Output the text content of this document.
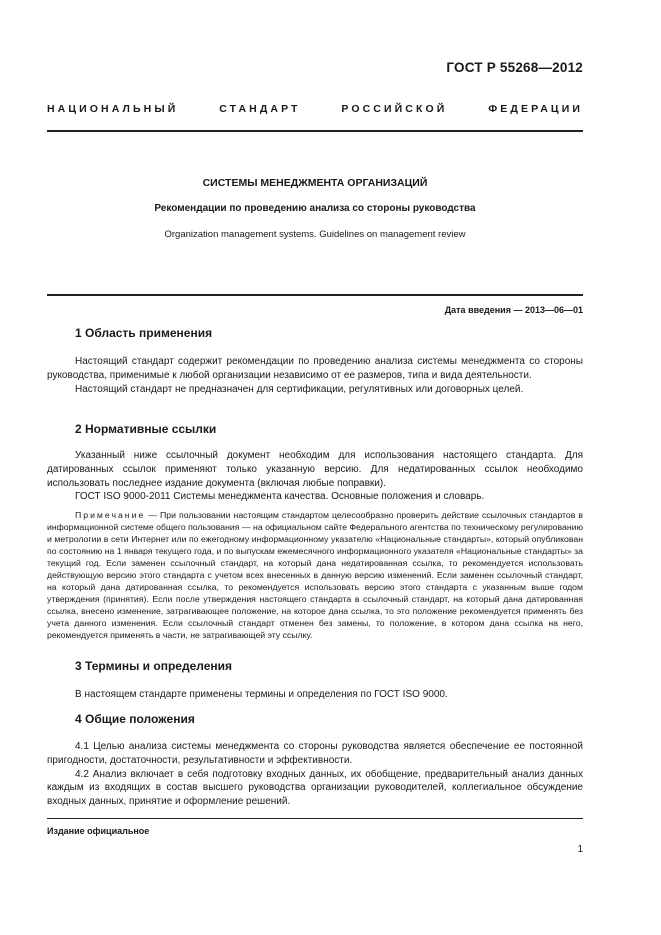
ГОСТ Р 55268—2012
НАЦИОНАЛЬНЫЙ СТАНДАРТ РОССИЙСКОЙ ФЕДЕРАЦИИ
СИСТЕМЫ МЕНЕДЖМЕНТА ОРГАНИЗАЦИЙ
Рекомендации по проведению анализа со стороны руководства
Organization management systems. Guidelines on management review
Дата введения — 2013—06—01
1 Область применения

Настоящий стандарт содержит рекомендации по проведению анализа системы менеджмента со стороны руководства, применимые к любой организации независимо от ее размеров, типа и вида деятельности.

Настоящий стандарт не предназначен для сертификации, регулятивных или договорных целей.

2 Нормативные ссылки

Указанный ниже ссылочный документ необходим для использования настоящего стандарта. Для датированных ссылок применяют только указанную версию. Для недатированных ссылок необходимо использовать последнее издание документа (включая любые поправки).

ГОСТ ISO 9000-2011 Системы менеджмента качества. Основные положения и словарь.

Примечание — При пользовании настоящим стандартом целесообразно проверить действие ссылочных стандартов в информационной системе общего пользования — на официальном сайте Федерального агентства по техническому регулированию и метрологии в сети Интернет или по ежегодному информационному указателю «Национальные стандарты», который опубликован по состоянию на 1 января текущего года, и по выпускам ежемесячного информационного указателя «Национальные стандарты» за текущий год. Если заменен ссылочный стандарт, на который дана недатированная ссылка, то рекомендуется использовать действующую версию этого стандарта с учетом всех внесенных в данную версию изменений. Если заменен ссылочный стандарт, на который дана датированная ссылка, то рекомендуется использовать версию этого стандарта с указанным выше годом утверждения (принятия). Если после утверждения настоящего стандарта в ссылочный стандарт, на который дана датированная ссылка, внесено изменение, затрагивающее положение, на которое дана ссылка, то это положение рекомендуется применять без учета данного изменения. Если ссылочный стандарт отменен без замены, то положение, в котором дана ссылка на него, рекомендуется применять в части, не затрагивающей эту ссылку.

3 Термины и определения

В настоящем стандарте применены термины и определения по ГОСТ ISO 9000.

4 Общие положения

4.1 Целью анализа системы менеджмента со стороны руководства является обеспечение ее постоянной пригодности, достаточности, результативности и эффективности.

4.2 Анализ включает в себя подготовку входных данных, их обобщение, предварительный анализ данных каждым из входящих в состав высшего руководства организации руководителей, коллегиальное обсуждение входных данных, принятие и оформление решений.

Издание официальное
1
